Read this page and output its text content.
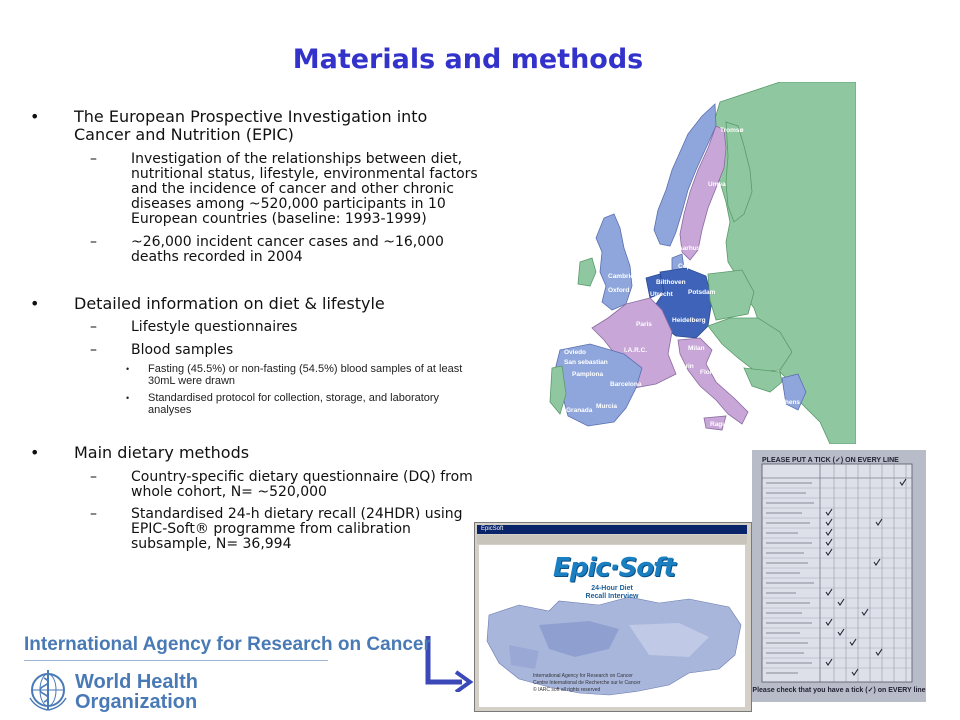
Materials and methods

• The European Prospective Investigation into Cancer and Nutrition (EPIC)

– Investigation of the relationships between diet, nutritional status, lifestyle, environmental factors and the incidence of cancer and other chronic diseases among ~520,000 participants in 10 European countries (baseline: 1993-1999)

– ~26,000 incident cancer cases and ~16,000 deaths recorded in 2004

• Detailed information on diet & lifestyle

– Lifestyle questionnaires

– Blood samples

• Fasting (45.5%) or non-fasting (54.5%) blood samples of at least 30mL were drawn

• Standardised protocol for collection, storage, and laboratory analyses

• Main dietary methods

– Country-specific dietary questionnaire (DQ) from whole cohort, N= ~520,000

– Standardised 24-h dietary recall (24HDR) using EPIC-Soft® programme from calibration subsample, N= 36,994

Tromsø
Umea
Aarhus
Malmo
Copenhagen
Bilthoven
Utrecht Potsdam
Cambridge
Oxford
Heidelberg
Paris
I.A.R.C.	Milan
Turin
Florence
Oviedo
San sebastian
Pamplona
Barcelona
Naples
Athens
Granada
Murcia
Ragusa
PLEASE PUT A TICK (✓) ON EVERY LINE
Please check that you have a tick (✓) on EVERY line
EpicSoft
Epic·Soft
24-Hour Diet
Recall Interview
International Agency for Research on Cancer
Centre International de Recherche sur le Cancer
© IARC soft all rights reserved
International Agency for Research on Cancer
World Health
Organization
